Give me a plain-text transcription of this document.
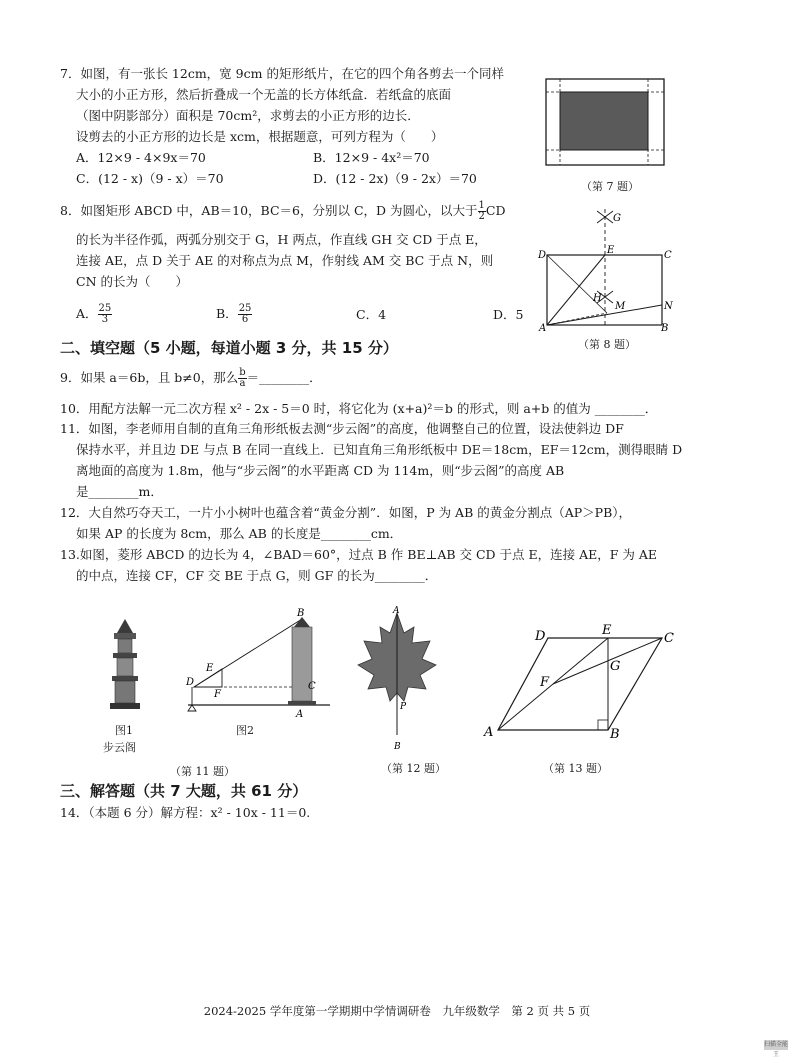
7．如图，有一张长 12cm，宽 9cm 的矩形纸片，在它的四个角各剪去一个同样
大小的小正方形，然后折叠成一个无盖的长方体纸盒．若纸盒的底面
（图中阴影部分）面积是 70cm²，求剪去的小正方形的边长．
设剪去的小正方形的边长是 xcm，根据题意，可列方程为（　　）
A．12×9 - 4×9x＝70	B．12×9 - 4x²＝70
C．(12 - x)（9 - x）＝70	D．(12 - 2x)（9 - 2x）＝70
（第 7 题）
8．如图矩形 ABCD 中，AB＝10，BC＝6，分别以 C，D 为圆心，以大于 $\frac{1}{2}$ CD
的长为半径作弧，两弧分别交于 G，H 两点，作直线 GH 交 CD 于点 E，
连接 AE，点 D 关于 AE 的对称点为点 M，作射线 AM 交 BC 于点 N，则
CN 的长为（　　）
A． $\frac{25}{3}$	B． $\frac{25}{6}$	C．4	D．5
G
E
D	C
H
M	N
A	B
（第 8 题）
二、填空题（5 小题，每道小题 3 分，共 15 分）
9．如果 a＝6b，且 b≠0，那么 $\frac{b}{a}$ ＝________．
10．用配方法解一元二次方程 x² - 2x - 5＝0 时，将它化为 (x+a)²＝b 的形式，则 a+b 的值为 ________．
11．如图，李老师用自制的直角三角形纸板去测“步云阁”的高度，他调整自己的位置，设法使斜边 DF
保持水平，并且边 DE 与点 B 在同一直线上．已知直角三角形纸板中 DE＝18cm，EF＝12cm，测得眼睛 D
离地面的高度为 1.8m，他与“步云阁”的水平距离 CD 为 114m，则“步云阁”的高度 AB
是________m．
12．大自然巧夺天工，一片小小树叶也蕴含着“黄金分割”．如图，P 为 AB 的黄金分割点（AP＞PB），
如果 AP 的长度为 8cm，那么 AB 的长度是________cm．
13.如图，菱形 ABCD 的边长为 4，∠BAD＝60°，过点 B 作 BE⊥AB 交 CD 于点 E，连接 AE，F 为 AE
的中点，连接 CF，CF 交 BE 于点 G，则 GF 的长为________．
图1
步云阁
B
E
D
F
C
A
图2
（第 11 题）
A
P
B
（第 12 题）
D	E
C
G
F
A	B
（第 13 题）
三、解答题（共 7 大题，共 61 分）
14．（本题 6 分）解方程：x² - 10x - 11＝0.
2024-2025 学年度第一学期期中学情调研卷　九年级数学　第 2 页 共 5 页
扫描全能王
